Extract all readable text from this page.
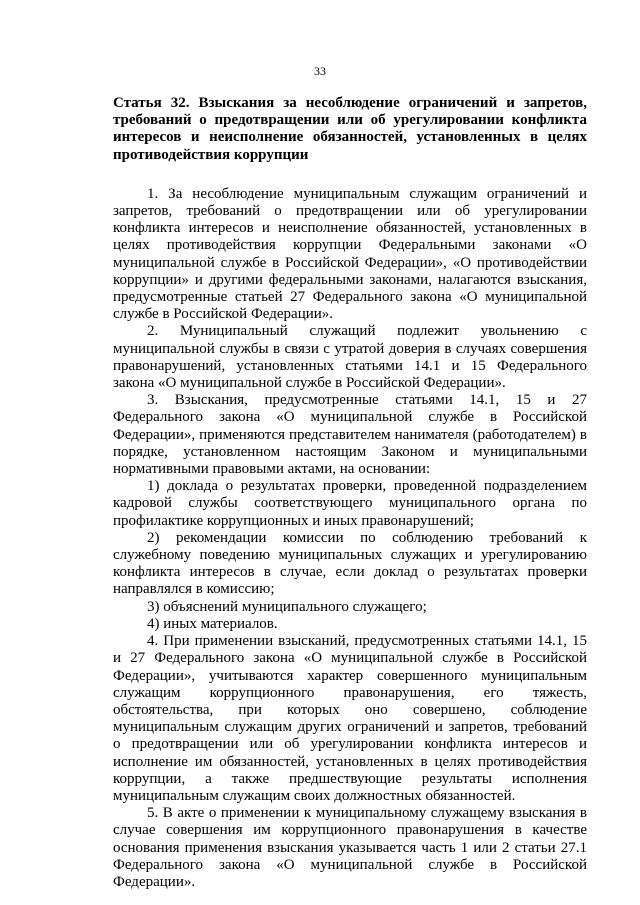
33

Статья 32. Взыскания за несоблюдение ограничений и запретов, требований о предотвращении или об урегулировании конфликта интересов и неисполнение обязанностей, установленных в целях противодействия коррупции

1. За несоблюдение муниципальным служащим ограничений и запретов, требований о предотвращении или об урегулировании конфликта интересов и неисполнение обязанностей, установленных в целях противодействия коррупции Федеральными законами «О муниципальной службе в Российской Федерации», «О противодействии коррупции» и другими федеральными законами, налагаются взыскания, предусмотренные статьей 27 Федерального закона «О муниципальной службе в Российской Федерации».

2. Муниципальный служащий подлежит увольнению с муниципальной службы в связи с утратой доверия в случаях совершения правонарушений, установленных статьями 14.1 и 15 Федерального закона «О муниципальной службе в Российской Федерации».

3. Взыскания, предусмотренные статьями 14.1, 15 и 27 Федерального закона «О муниципальной службе в Российской Федерации», применяются представителем нанимателя (работодателем) в порядке, установленном настоящим Законом и муниципальными нормативными правовыми актами, на основании:

1) доклада о результатах проверки, проведенной подразделением кадровой службы соответствующего муниципального органа по профилактике коррупционных и иных правонарушений;

2) рекомендации комиссии по соблюдению требований к служебному поведению муниципальных служащих и урегулированию конфликта интересов в случае, если доклад о результатах проверки направлялся в комиссию;

3) объяснений муниципального служащего;

4) иных материалов.

4. При применении взысканий, предусмотренных статьями 14.1, 15 и 27 Федерального закона «О муниципальной службе в Российской Федерации», учитываются характер совершенного муниципальным служащим коррупционного правонарушения, его тяжесть, обстоятельства, при которых оно совершено, соблюдение муниципальным служащим других ограничений и запретов, требований о предотвращении или об урегулировании конфликта интересов и исполнение им обязанностей, установленных в целях противодействия коррупции, а также предшествующие результаты исполнения муниципальным служащим своих должностных обязанностей.

5. В акте о применении к муниципальному служащему взыскания в случае совершения им коррупционного правонарушения в качестве основания применения взыскания указывается часть 1 или 2 статьи 27.1 Федерального закона «О муниципальной службе в Российской Федерации».
